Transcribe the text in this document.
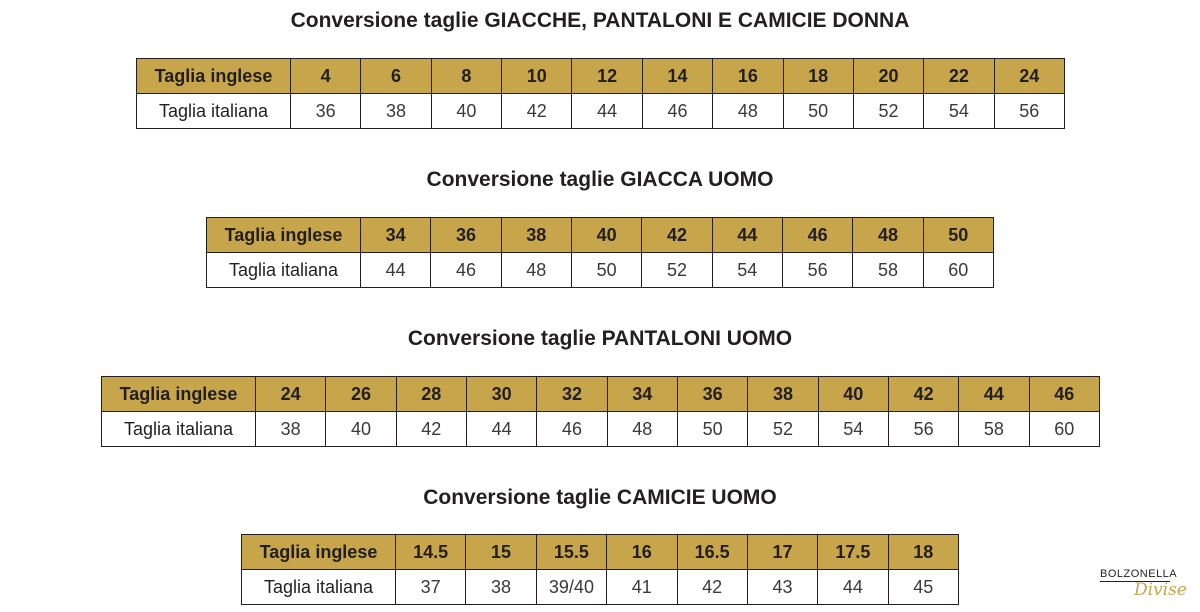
Conversione taglie GIACCHE, PANTALONI E CAMICIE DONNA
Taglia inglese	4	6	8	10	12	14	16	18	20	22	24
Taglia italiana	36	38	40	42	44	46	48	50	52	54	56
Conversione taglie GIACCA UOMO
Taglia inglese	34	36	38	40	42	44	46	48	50
Taglia italiana	44	46	48	50	52	54	56	58	60
Conversione taglie PANTALONI UOMO
Taglia inglese	24	26	28	30	32	34	36	38	40	42	44	46
Taglia italiana	38	40	42	44	46	48	50	52	54	56	58	60
Conversione taglie CAMICIE UOMO
Taglia inglese	14.5	15	15.5	16	16.5	17	17.5	18
Taglia italiana	37	38	39/40	41	42	43	44	45
BOLZONELLA
Divise
